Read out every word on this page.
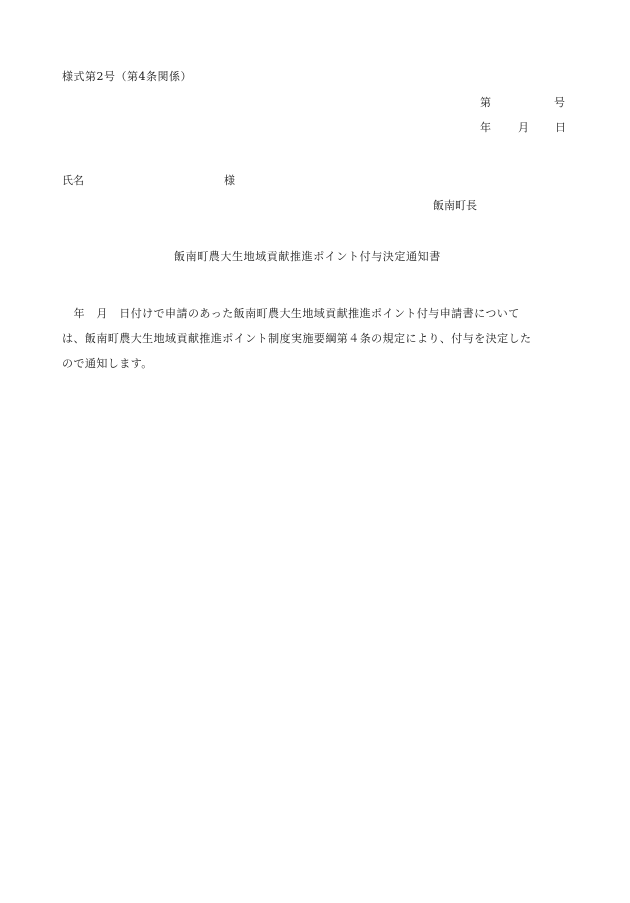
様式第2号（第4条関係）
第	号
年 月 日
氏名	様
飯南町長
飯南町農大生地域貢献推進ポイント付与決定通知書
　年　月　日付けで申請のあった飯南町農大生地域貢献推進ポイント付与申請書について
は、飯南町農大生地域貢献推進ポイント制度実施要綱第４条の規定により、付与を決定した
ので通知します。
